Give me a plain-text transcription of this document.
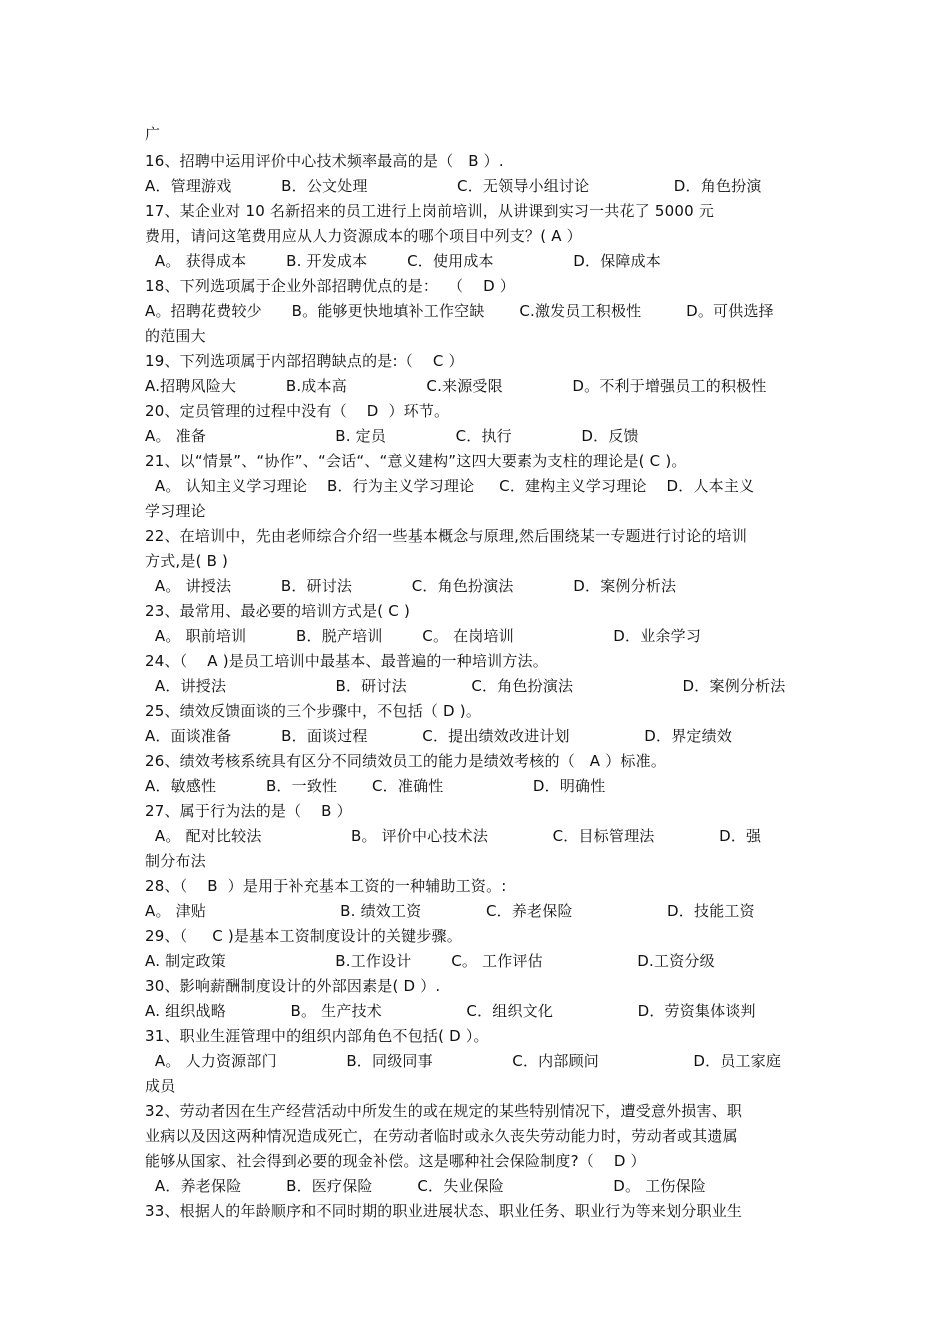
广
16、招聘中运用评价中心技术频率最高的是（   B ）.
A．管理游戏          B．公文处理                  C．无领导小组讨论                 D．角色扮演
17、某企业对 10 名新招来的员工进行上岗前培训，从讲课到实习一共花了 5000 元
费用，请问这笔费用应从人力资源成本的哪个项目中列支？( A ）
A。 获得成本        B. 开发成本        C．使用成本                D．保障成本
18、下列选项属于企业外部招聘优点的是：  （    D ）
A。招聘花费较少      B。能够更快地填补工作空缺       C.激发员工积极性         D。可供选择
的范围大
19、下列选项属于内部招聘缺点的是:（    C ）
A.招聘风险大          B.成本高                C.来源受限              D。不利于增强员工的积极性
20、定员管理的过程中没有（    D  ）环节。
A。 准备                          B. 定员              C．执行              D．反馈
21、以“情景”、“协作”、“会话“、“意义建构”这四大要素为支柱的理论是( C )。
A。 认知主义学习理论    B．行为主义学习理论     C．建构主义学习理论    D．人本主义
学习理论
22、在培训中，先由老师综合介绍一些基本概念与原理,然后围绕某一专题进行讨论的培训
方式,是( B )
A。 讲授法          B．研讨法            C．角色扮演法            D．案例分析法
23、最常用、最必要的培训方式是( C )
A。 职前培训          B．脱产培训        C。 在岗培训                    D．业余学习
24、（    A )是员工培训中最基本、最普遍的一种培训方法。
A．讲授法                      B．研讨法             C．角色扮演法                      D．案例分析法
25、绩效反馈面谈的三个步骤中，不包括（ D )。
A．面谈准备          B．面谈过程           C．提出绩效改进计划               D．界定绩效
26、绩效考核系统具有区分不同绩效员工的能力是绩效考核的（   A ）标准。
A．敏感性          B．一致性       C．准确性                  D．明确性
27、属于行为法的是（    B ）
A。 配对比较法                  B。 评价中心技术法             C．目标管理法             D．强
制分布法
28、（    B  ）是用于补充基本工资的一种辅助工资。:
A。 津贴                           B. 绩效工资             C．养老保险                   D．技能工资
29、（     C )是基本工资制度设计的关键步骤。
A. 制定政策                      B.工作设计        C。 工作评估                   D.工资分级
30、影响薪酬制度设计的外部因素是( D ）.
A. 组织战略             B。 生产技术                 C．组织文化                 D．劳资集体谈判
31、职业生涯管理中的组织内部角色不包括( D ）。
A。 人力资源部门              B．同级同事                C．内部顾问                   D．员工家庭
成员
32、劳动者因在生产经营活动中所发生的或在规定的某些特别情况下，遭受意外损害、职
业病以及因这两种情况造成死亡，在劳动者临时或永久丧失劳动能力时，劳动者或其遗属
能够从国家、社会得到必要的现金补偿。这是哪种社会保险制度?（    D ）
A．养老保险         B．医疗保险         C．失业保险                      D。 工伤保险
33、根据人的年龄顺序和不同时期的职业进展状态、职业任务、职业行为等来划分职业生
